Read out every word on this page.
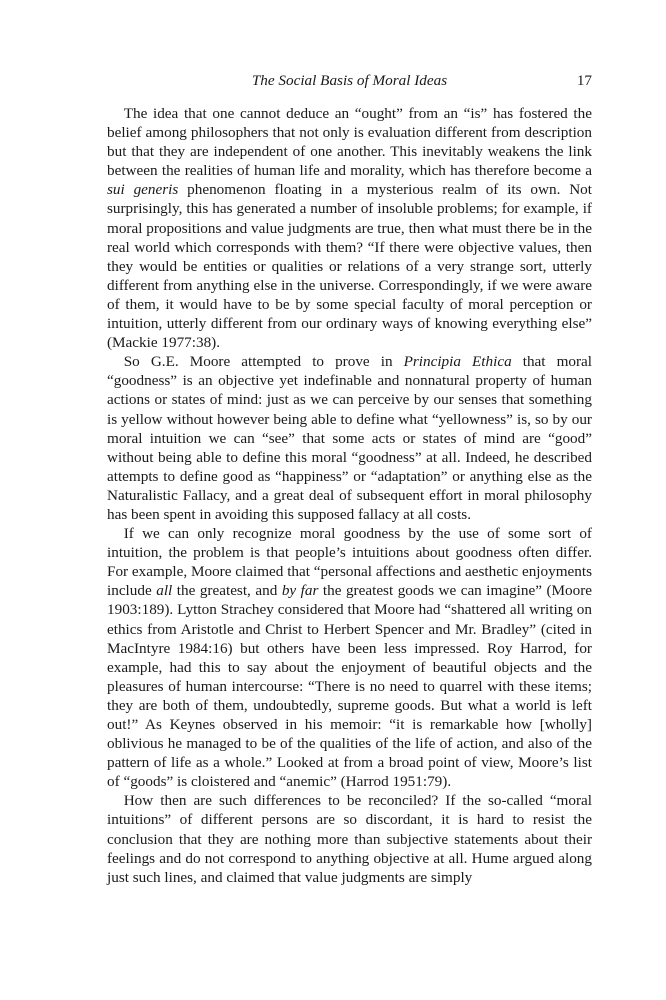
The Social Basis of Moral Ideas	17

The idea that one cannot deduce an “ought” from an “is” has fostered the belief among philosophers that not only is evaluation different from description but that they are independent of one another. This inevitably weakens the link between the realities of human life and morality, which has therefore become a sui generis phenomenon floating in a mysterious realm of its own. Not surprisingly, this has generated a number of insoluble problems; for example, if moral propositions and value judgments are true, then what must there be in the real world which corresponds with them? “If there were objective values, then they would be entities or qualities or relations of a very strange sort, utterly different from anything else in the universe. Correspondingly, if we were aware of them, it would have to be by some special faculty of moral perception or intuition, utterly different from our ordinary ways of knowing everything else” (Mackie 1977:38).

So G.E. Moore attempted to prove in Principia Ethica that moral “goodness” is an objective yet indefinable and nonnatural property of human actions or states of mind: just as we can perceive by our senses that something is yellow without however being able to define what “yellowness” is, so by our moral intuition we can “see” that some acts or states of mind are “good” without being able to define this moral “goodness” at all. Indeed, he described attempts to define good as “happiness” or “adaptation” or anything else as the Naturalistic Fallacy, and a great deal of subsequent effort in moral philosophy has been spent in avoiding this supposed fallacy at all costs.

If we can only recognize moral goodness by the use of some sort of intuition, the problem is that people’s intuitions about goodness often differ. For example, Moore claimed that “personal affections and aesthetic enjoyments include all the greatest, and by far the greatest goods we can imagine” (Moore 1903:189). Lytton Strachey considered that Moore had “shattered all writing on ethics from Aristotle and Christ to Herbert Spencer and Mr. Bradley” (cited in MacIntyre 1984:16) but others have been less impressed. Roy Harrod, for example, had this to say about the enjoyment of beautiful objects and the pleasures of human intercourse: “There is no need to quarrel with these items; they are both of them, undoubtedly, supreme goods. But what a world is left out!” As Keynes observed in his memoir: “it is remarkable how [wholly] oblivious he managed to be of the qualities of the life of action, and also of the pattern of life as a whole.” Looked at from a broad point of view, Moore’s list of “goods” is cloistered and “anemic” (Harrod 1951:79).

How then are such differences to be reconciled? If the so-called “moral intuitions” of different persons are so discordant, it is hard to resist the conclusion that they are nothing more than subjective statements about their feelings and do not correspond to anything objective at all. Hume argued along just such lines, and claimed that value judgments are simply
